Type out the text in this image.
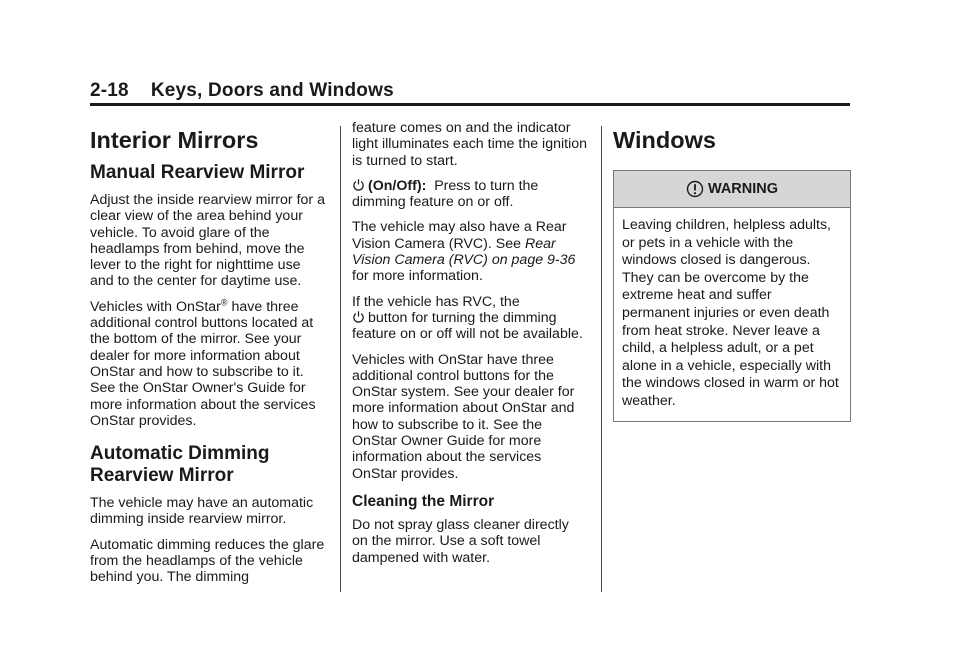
2-18 Keys, Doors and Windows
Interior Mirrors
Manual Rearview Mirror

Adjust the inside rearview mirror for a clear view of the area behind your vehicle. To avoid glare of the headlamps from behind, move the lever to the right for nighttime use and to the center for daytime use.

Vehicles with OnStar® have three additional control buttons located at the bottom of the mirror. See your dealer for more information about OnStar and how to subscribe to it. See the OnStar Owner's Guide for more information about the services OnStar provides.

Automatic Dimming Rearview Mirror

The vehicle may have an automatic dimming inside rearview mirror.

Automatic dimming reduces the glare from the headlamps of the vehicle behind you. The dimming

feature comes on and the indicator light illuminates each time the ignition is turned to start.

(On/Off): Press to turn the dimming feature on or off.

The vehicle may also have a Rear Vision Camera (RVC). See Rear Vision Camera (RVC) on page 9-36 for more information.

If the vehicle has RVC, the
button for turning the dimming feature on or off will not be available.

Vehicles with OnStar have three additional control buttons for the OnStar system. See your dealer for more information about OnStar and how to subscribe to it. See the OnStar Owner Guide for more information about the services OnStar provides.

Cleaning the Mirror

Do not spray glass cleaner directly on the mirror. Use a soft towel dampened with water.

Windows
WARNING
Leaving children, helpless adults, or pets in a vehicle with the windows closed is dangerous. They can be overcome by the extreme heat and suffer permanent injuries or even death from heat stroke. Never leave a child, a helpless adult, or a pet alone in a vehicle, especially with the windows closed in warm or hot weather.
